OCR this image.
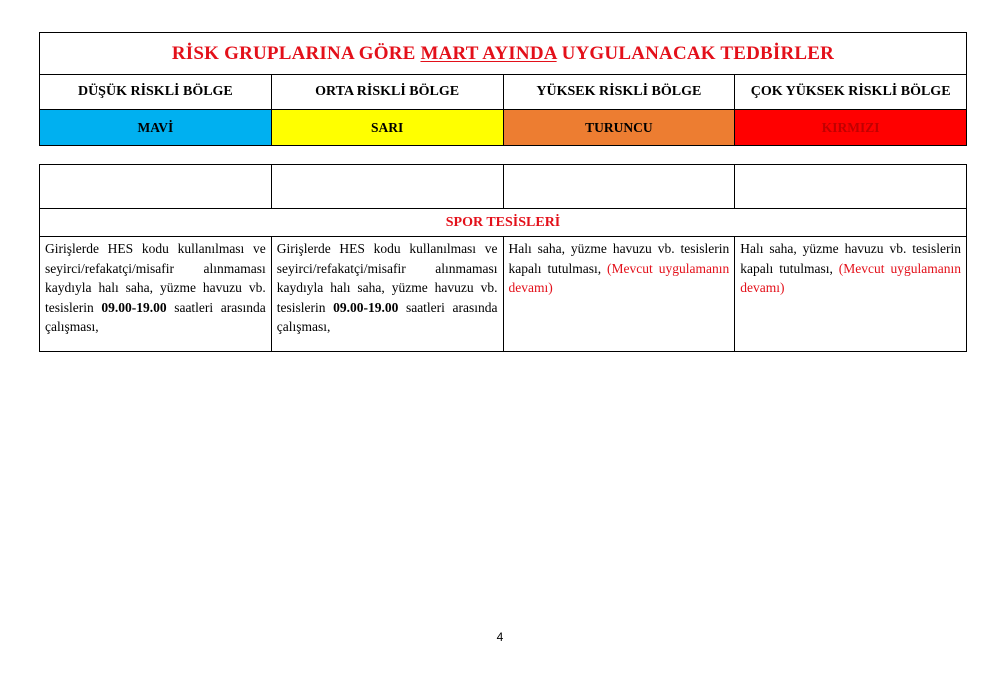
RİSK GRUPLARINA GÖRE MART AYINDA UYGULANACAK TEDBİRLER			
DÜŞÜK RİSKLİ BÖLGE	ORTA RİSKLİ BÖLGE	YÜKSEK RİSKLİ BÖLGE	ÇOK YÜKSEK RİSKLİ BÖLGE
MAVİ	SARI	TURUNCU	KIRMIZI

SPOR TESİSLERİ			
Girişlerde HES kodu kullanılması ve seyirci/refakatçi/misafir alınmaması kaydıyla halı saha, yüzme havuzu vb. tesislerin 09.00-19.00 saatleri arasında çalışması,	Girişlerde HES kodu kullanılması ve seyirci/refakatçi/misafir alınmaması kaydıyla halı saha, yüzme havuzu vb. tesislerin 09.00-19.00 saatleri arasında çalışması,	Halı saha, yüzme havuzu vb. tesislerin kapalı tutulması, (Mevcut uygulamanın devamı)	Halı saha, yüzme havuzu vb. tesislerin kapalı tutulması, (Mevcut uygulamanın devamı)
4
